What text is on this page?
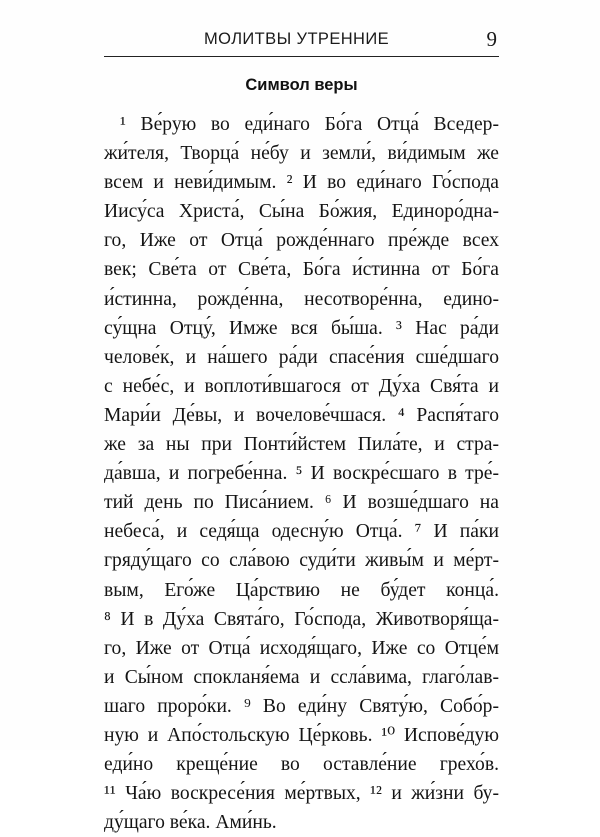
МОЛИТВЫ УТРЕННИЕ	9
Символ веры
¹ Ве́рую во еди́наго Бо́га Отца́ Вседер-
жи́теля, Творца́ не́бу и земли́, ви́димым же
всем и неви́димым. ² И во еди́наго Го́спода
Иису́са Христа́, Сы́на Бо́жия, Единоро́дна-
го, Иже от Отца́ рожде́ннаго пре́жде всех
век; Све́та от Све́та, Бо́га и́стинна от Бо́га
и́стинна, рожде́нна, несотворе́нна, едино-
су́щна Отцу́, Имже вся бы́ша. ³ Нас ра́ди
челове́к, и на́шего ра́ди спасе́ния сше́дшаго
с небе́с, и воплоти́вшагося от Ду́ха Свя́та и
Мари́и Де́вы, и вочелове́чшася. ⁴ Распя́таго
же за ны при Понти́йстем Пила́те, и стра-
да́вша, и погребе́нна. ⁵ И воскре́сшаго в тре́-
тий день по Писа́нием. ⁶ И возше́дшаго на
небеса́, и седя́ща одесну́ю Отца́. ⁷ И па́ки
гряду́щаго со сла́вою суди́ти живы́м и ме́рт-
вым, Его́же Ца́рствию не бу́дет конца́.
⁸ И в Ду́ха Свята́го, Го́спода, Животворя́ща-
го, Иже от Отца́ исходя́щаго, Иже со Отце́м
и Сы́ном спокланя́ема и ссла́вима, глаго́лав-
шаго проро́ки. ⁹ Во еди́ну Святу́ю, Собо́р-
ную и Апо́стольскую Це́рковь. ¹⁰ Испове́дую
еди́но креще́ние во оставле́ние грехо́в.
¹¹ Ча́ю воскресе́ния ме́ртвых, ¹² и жи́зни бу-
ду́щаго ве́ка. Ами́нь.
